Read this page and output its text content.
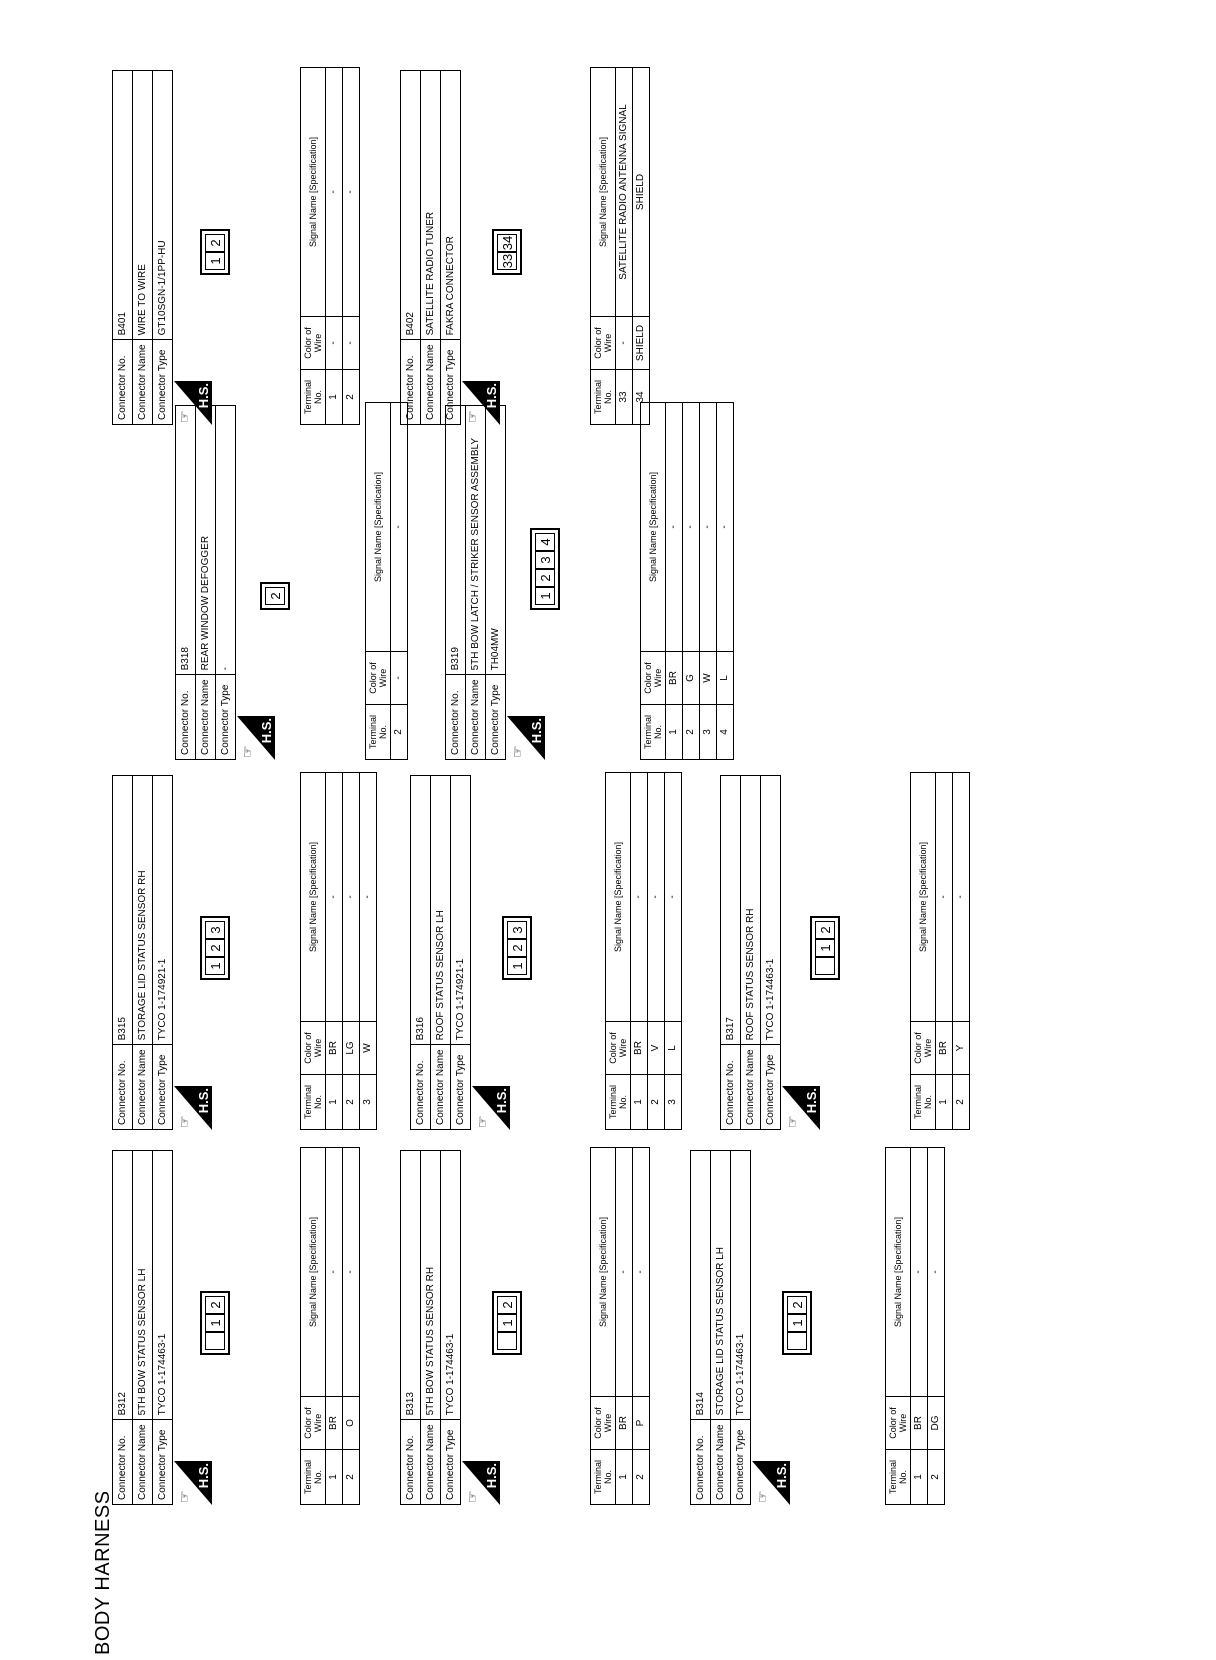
BODY HARNESS
Connector No.	B312
Connector Name	5TH BOW STATUS SENSOR LH
Connector Type	TYCO 1-174463-1
☞
H.S.
1
2
Terminal No.	Color of Wire	Signal Name [Specification]
1	BR	-
2	O	-
Connector No.	B313
Connector Name	5TH BOW STATUS SENSOR RH
Connector Type	TYCO 1-174463-1
☞
H.S.
1
2
Terminal No.	Color of Wire	Signal Name [Specification]
1	BR	-
2	P	-
Connector No.	B314
Connector Name	STORAGE LID STATUS SENSOR LH
Connector Type	TYCO 1-174463-1
☞
H.S.
1
2
Terminal No.	Color of Wire	Signal Name [Specification]
1	BR	-
2	DG	-
Connector No.	B315
Connector Name	STORAGE LID STATUS SENSOR RH
Connector Type	TYCO 1-174921-1
☞
H.S.
1
2
3
Terminal No.	Color of Wire	Signal Name [Specification]
1	BR	-
2	LG	-
3	W	-
Connector No.	B316
Connector Name	ROOF STATUS SENSOR LH
Connector Type	TYCO 1-174921-1
☞
H.S.
1
2
3
Terminal No.	Color of Wire	Signal Name [Specification]
1	BR	-
2	V	-
3	L	-
Connector No.	B317
Connector Name	ROOF STATUS SENSOR RH
Connector Type	TYCO 1-174463-1
☞
H.S.
1
2
Terminal No.	Color of Wire	Signal Name [Specification]
1	BR	-
2	Y	-
Connector No.	B318
Connector Name	REAR WINDOW DEFOGGER
Connector Type	-
☞
H.S.
2
Terminal No.	Color of Wire	Signal Name [Specification]
2	-	-
Connector No.	B319
Connector Name	5TH BOW LATCH / STRIKER SENSOR ASSEMBLY
Connector Type	TH04MW
☞
H.S.
1
2
3
4
Terminal No.	Color of Wire	Signal Name [Specification]
1	BR	-
2	G	-
3	W	-
4	L	-
Connector No.	B401
Connector Name	WIRE TO WIRE
Connector Type	GT10SGN-1/1PP-HU
☞
H.S.
1
2
Terminal No.	Color of Wire	Signal Name [Specification]
1	-	-
2	-	-
Connector No.	B402
Connector Name	SATELLITE RADIO TUNER
Connector Type	FAKRA CONNECTOR
☞
H.S.
33
34
Terminal No.	Color of Wire	Signal Name [Specification]
33	-	SATELLITE RADIO ANTENNA SIGNAL
34	SHIELD	SHIELD
